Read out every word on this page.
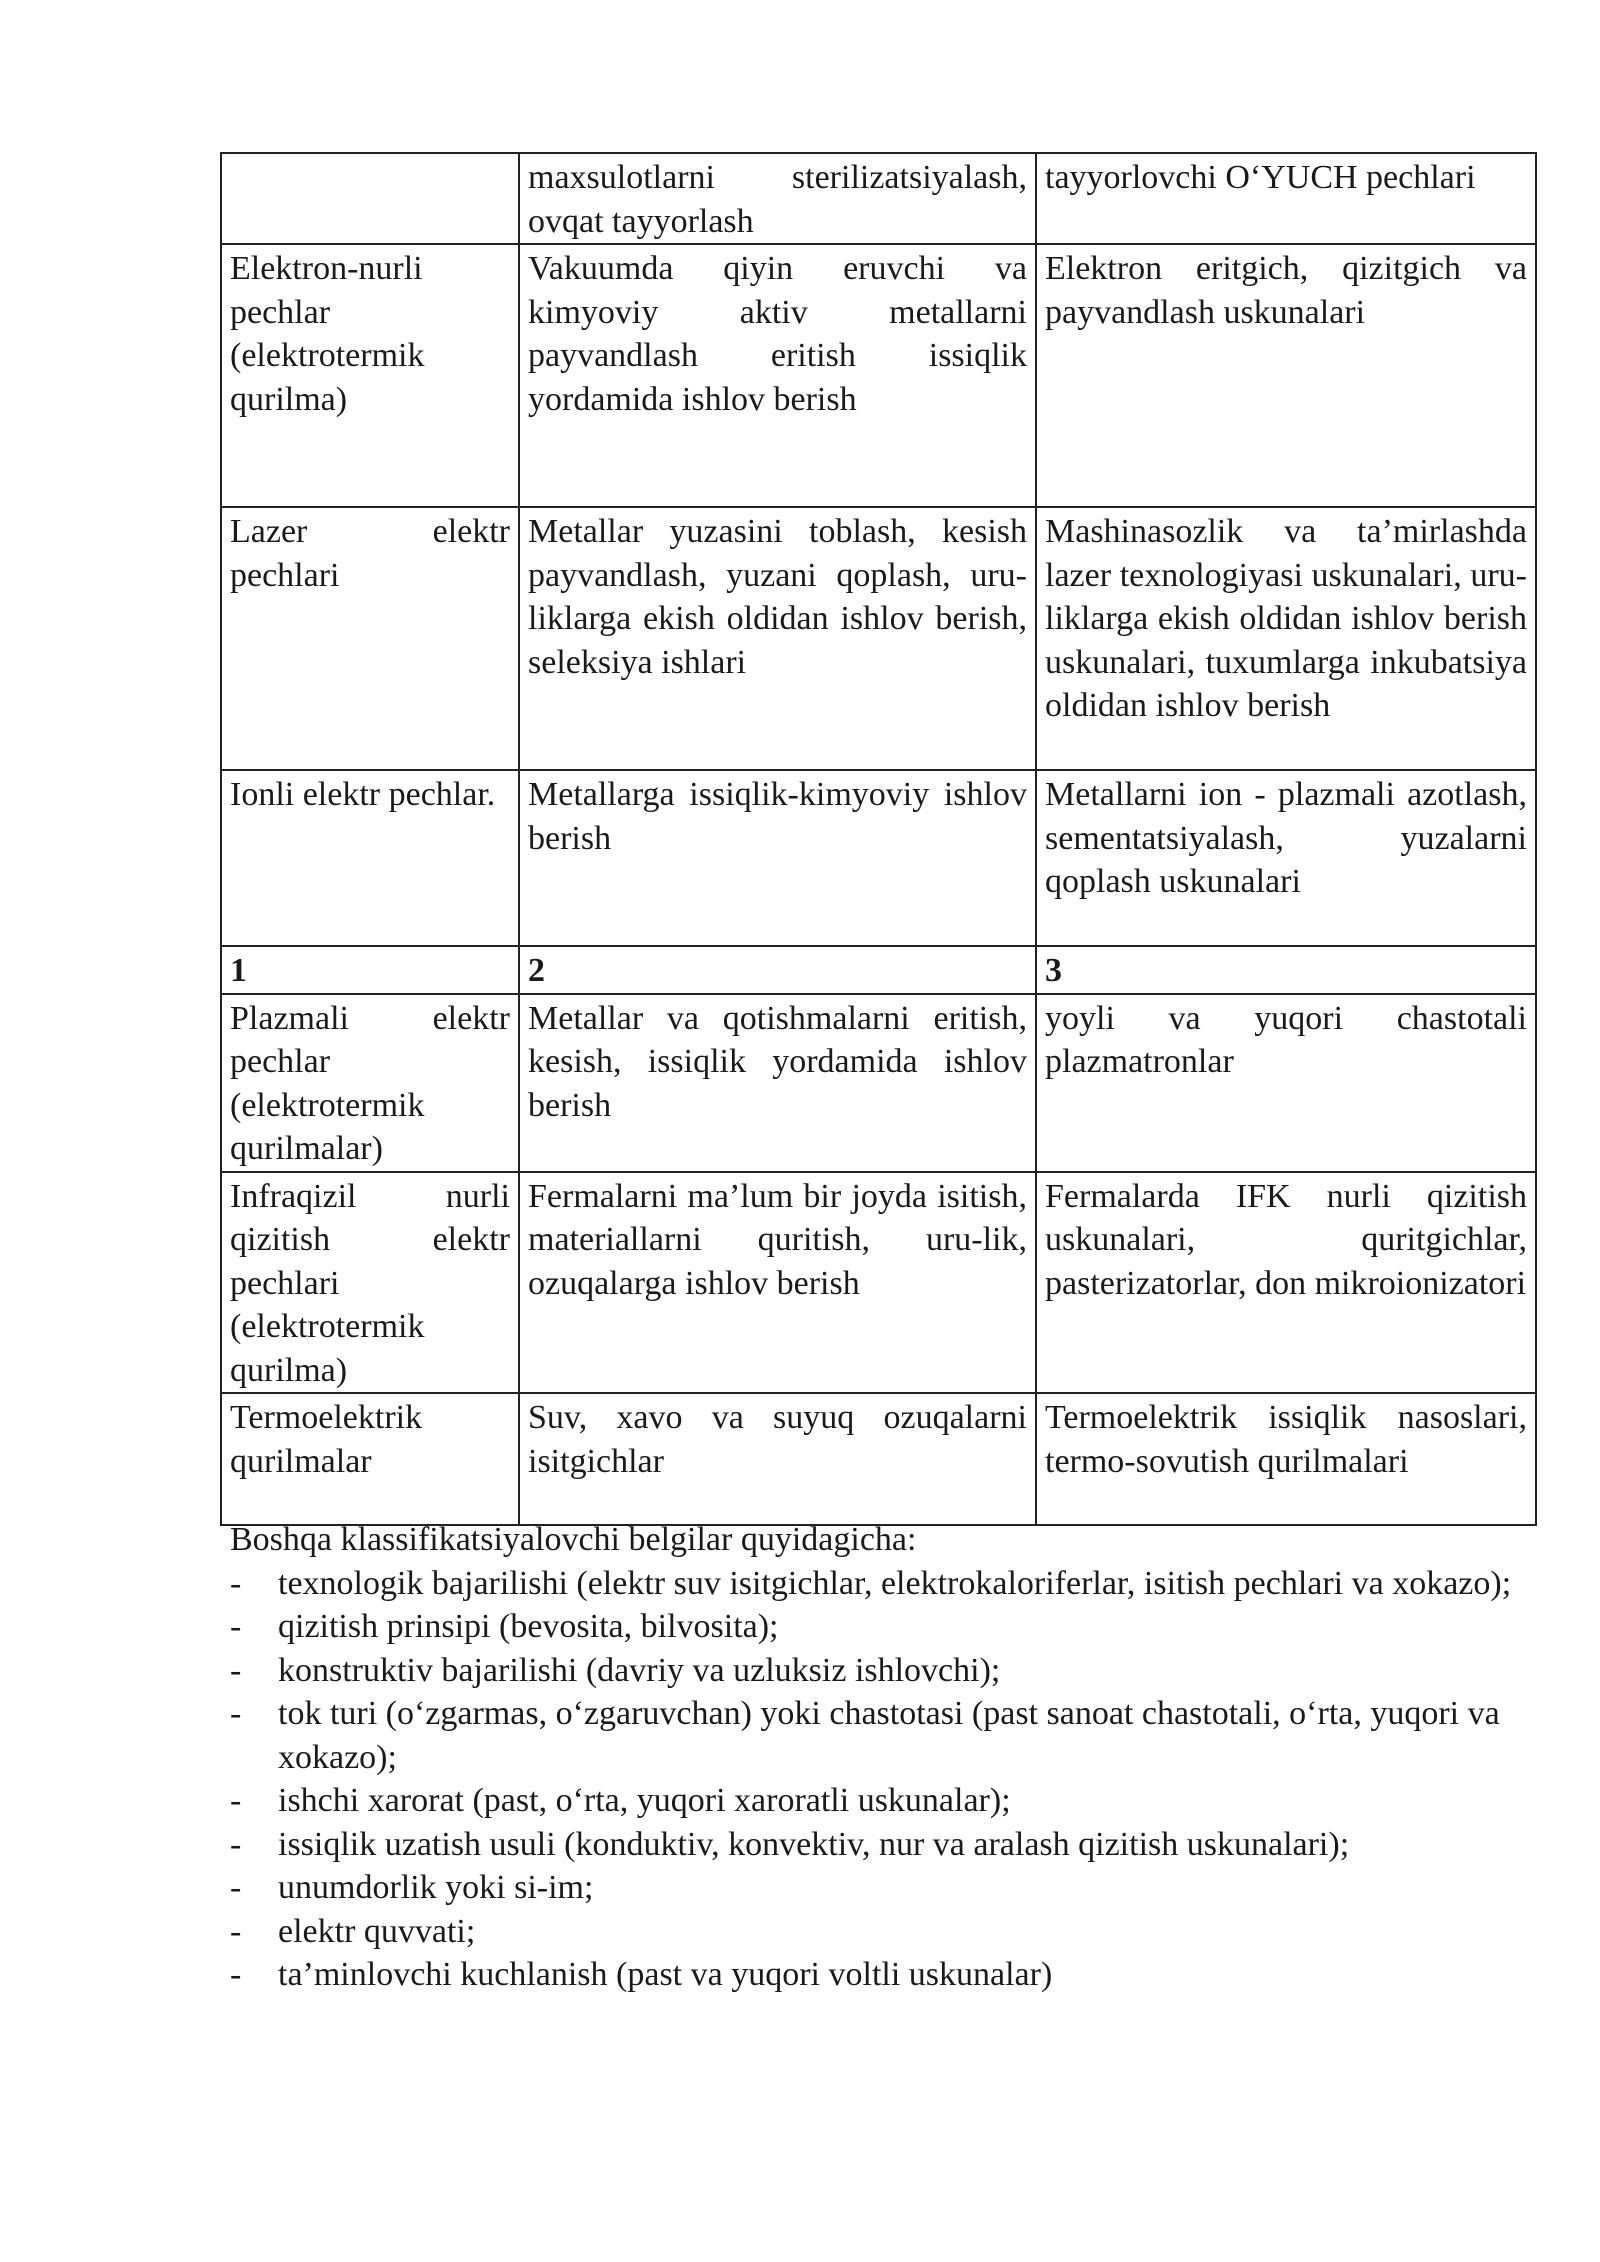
	maxsulotlarni sterilizatsiyalash, ovqat tayyorlash	tayyorlovchi O‘YUCH pechlari
Elektron-nurli pechlar (elektrotermik qurilma)	Vakuumda qiyin eruvchi va kimyoviy aktiv metallarni payvandlash eritish issiqlik yordamida ishlov berish	Elektron eritgich, qizitgich va payvandlash uskunalari
Lazer elektr pechlari	Metallar yuzasini toblash, kesish payvandlash, yuzani qoplash, uru-liklarga ekish oldidan ishlov berish, seleksiya ishlari	Mashinasozlik va ta’mirlashda lazer texnologiyasi uskunalari, uru-liklarga ekish oldidan ishlov berish uskunalari, tuxumlarga inkubatsiya oldidan ishlov berish
Ionli elektr pechlar.	Metallarga issiqlik-kimyoviy ishlov berish	Metallarni ion - plazmali azotlash, sementatsiyalash, yuzalarni qoplash uskunalari
1	2	3
Plazmali elektr pechlar (elektrotermik qurilmalar)	Metallar va qotishmalarni eritish, kesish, issiqlik yordamida ishlov berish	yoyli va yuqori chastotali plazmatronlar
Infraqizil nurli qizitish elektr pechlari (elektrotermik qurilma)	Fermalarni ma’lum bir joyda isitish, materiallarni quritish, uru-lik, ozuqalarga ishlov berish	Fermalarda IFK nurli qizitish uskunalari, quritgichlar, pasterizatorlar, don mikroionizatori
Termoelektrik qurilmalar	Suv, xavo va suyuq ozuqalarni isitgichlar	Termoelektrik issiqlik nasoslari, termo-sovutish qurilmalari

Boshqa klassifikatsiyalovchi belgilar quyidagicha:

- texnologik bajarilishi (elektr suv isitgichlar, elektrokaloriferlar, isitish pechlari va xokazo);
- qizitish prinsipi (bevosita, bilvosita);
- konstruktiv bajarilishi (davriy va uzluksiz ishlovchi);
- tok turi (o‘zgarmas, o‘zgaruvchan) yoki chastotasi (past sanoat chastotali, o‘rta, yuqori va xokazo);
- ishchi xarorat (past, o‘rta, yuqori xaroratli uskunalar);
- issiqlik uzatish usuli (konduktiv, konvektiv, nur va aralash qizitish uskunalari);
- unumdorlik yoki si-im;
- elektr quvvati;
- ta’minlovchi kuchlanish (past va yuqori voltli uskunalar)
